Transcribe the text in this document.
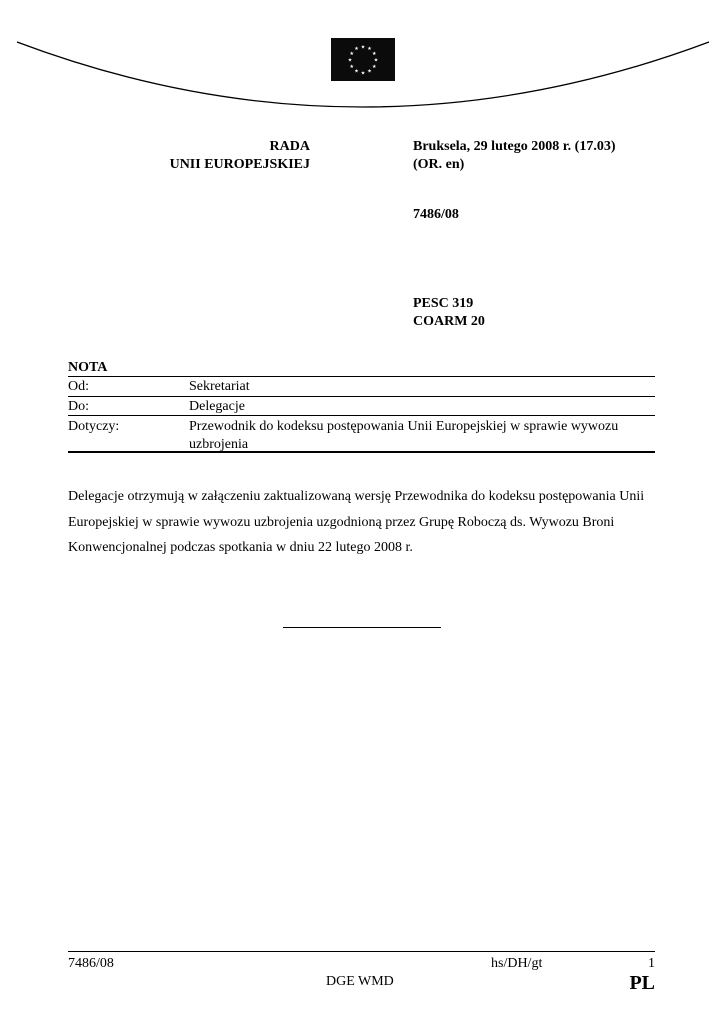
★ ★
★
★
★
★
★
★
★
★
★
★
RADA
UNII EUROPEJSKIEJ
Bruksela, 29 lutego 2008 r. (17.03)
(OR. en)
7486/08
PESC 319
COARM 20
NOTA
Od:	Sekretariat
Do:	Delegacje
Dotyczy:	Przewodnik do kodeksu postępowania Unii Europejskiej w sprawie wywozu uzbrojenia
Delegacje otrzymują w załączeniu zaktualizowaną wersję Przewodnika do kodeksu postępowania Unii Europejskiej w sprawie wywozu uzbrojenia uzgodnioną przez Grupę Roboczą ds. Wywozu Broni Konwencjonalnej podczas spotkania w dniu 22 lutego 2008 r.
7486/08	hs/DH/gt	1
DGE WMD	PL
